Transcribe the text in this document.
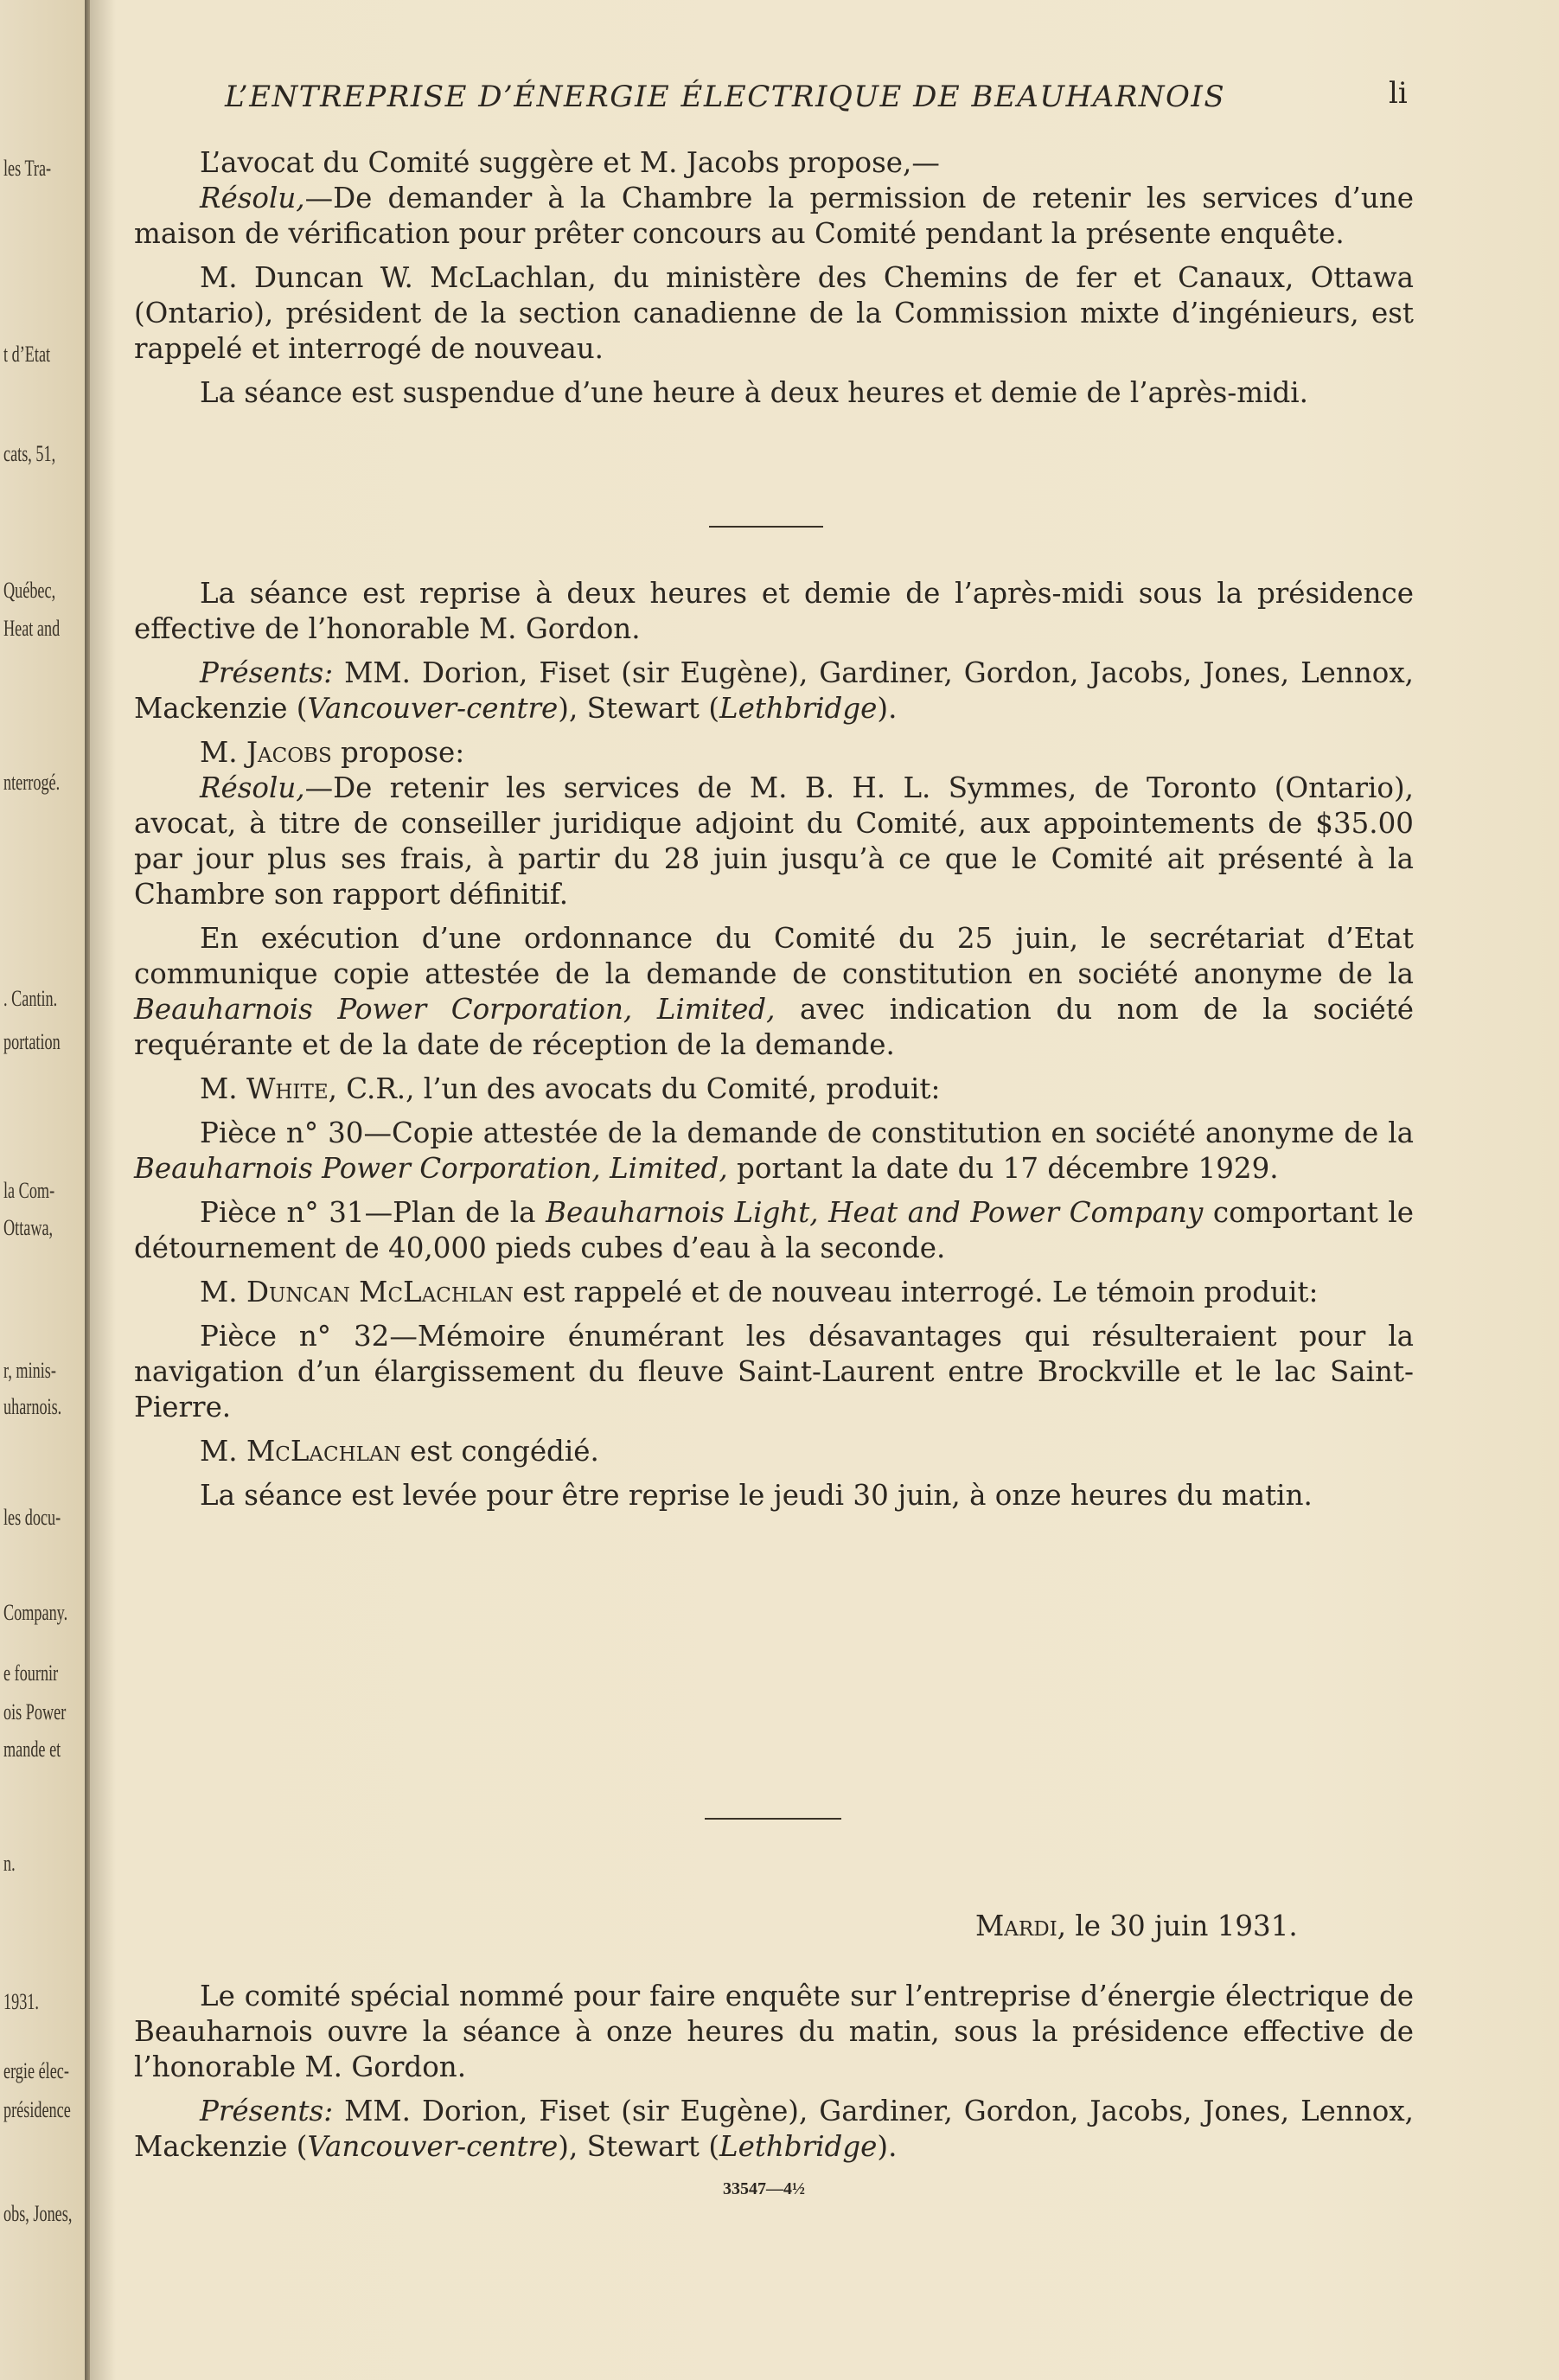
les Tra-
t d’Etat
cats, 51,
Québec,
Heat and
nterrogé.
. Cantin.
portation
la Com-
Ottawa,
r, minis-
uharnois.
les docu-
Company.
e fournir
ois Power
mande et
n.
1931.
ergie élec-
présidence
obs, Jones,
L’ENTREPRISE D’ÉNERGIE ÉLECTRIQUE DE BEAUHARNOIS	li

L’avocat du Comité suggère et M. Jacobs propose,—

Résolu,—De demander à la Chambre la permission de retenir les services d’une maison de vérification pour prêter concours au Comité pendant la présente enquête.

M. Duncan W. McLachlan, du ministère des Chemins de fer et Canaux, Ottawa (Ontario), président de la section canadienne de la Commission mixte d’ingénieurs, est rappelé et interrogé de nouveau.

La séance est suspendue d’une heure à deux heures et demie de l’après-midi.

La séance est reprise à deux heures et demie de l’après-midi sous la présidence effective de l’honorable M. Gordon.

Présents: MM. Dorion, Fiset (sir Eugène), Gardiner, Gordon, Jacobs, Jones, Lennox, Mackenzie (Vancouver-centre), Stewart (Lethbridge).

M. Jacobs propose:

Résolu,—De retenir les services de M. B. H. L. Symmes, de Toronto (Ontario), avocat, à titre de conseiller juridique adjoint du Comité, aux appointements de $35.00 par jour plus ses frais, à partir du 28 juin jusqu’à ce que le Comité ait présenté à la Chambre son rapport définitif.

En exécution d’une ordonnance du Comité du 25 juin, le secrétariat d’Etat communique copie attestée de la demande de constitution en société anonyme de la Beauharnois Power Corporation, Limited, avec indication du nom de la société requérante et de la date de réception de la demande.

M. White, C.R., l’un des avocats du Comité, produit:

Pièce n° 30—Copie attestée de la demande de constitution en société anonyme de la Beauharnois Power Corporation, Limited, portant la date du 17 décembre 1929.

Pièce n° 31—Plan de la Beauharnois Light, Heat and Power Company comportant le détournement de 40,000 pieds cubes d’eau à la seconde.

M. Duncan McLachlan est rappelé et de nouveau interrogé. Le témoin produit:

Pièce n° 32—Mémoire énumérant les désavantages qui résulteraient pour la navigation d’un élargissement du fleuve Saint-Laurent entre Brockville et le lac Saint-Pierre.

M. McLachlan est congédié.

La séance est levée pour être reprise le jeudi 30 juin, à onze heures du matin.

Mardi, le 30 juin 1931.

Le comité spécial nommé pour faire enquête sur l’entreprise d’énergie électrique de Beauharnois ouvre la séance à onze heures du matin, sous la présidence effective de l’honorable M. Gordon.

Présents: MM. Dorion, Fiset (sir Eugène), Gardiner, Gordon, Jacobs, Jones, Lennox, Mackenzie (Vancouver-centre), Stewart (Lethbridge).

33547—4½
